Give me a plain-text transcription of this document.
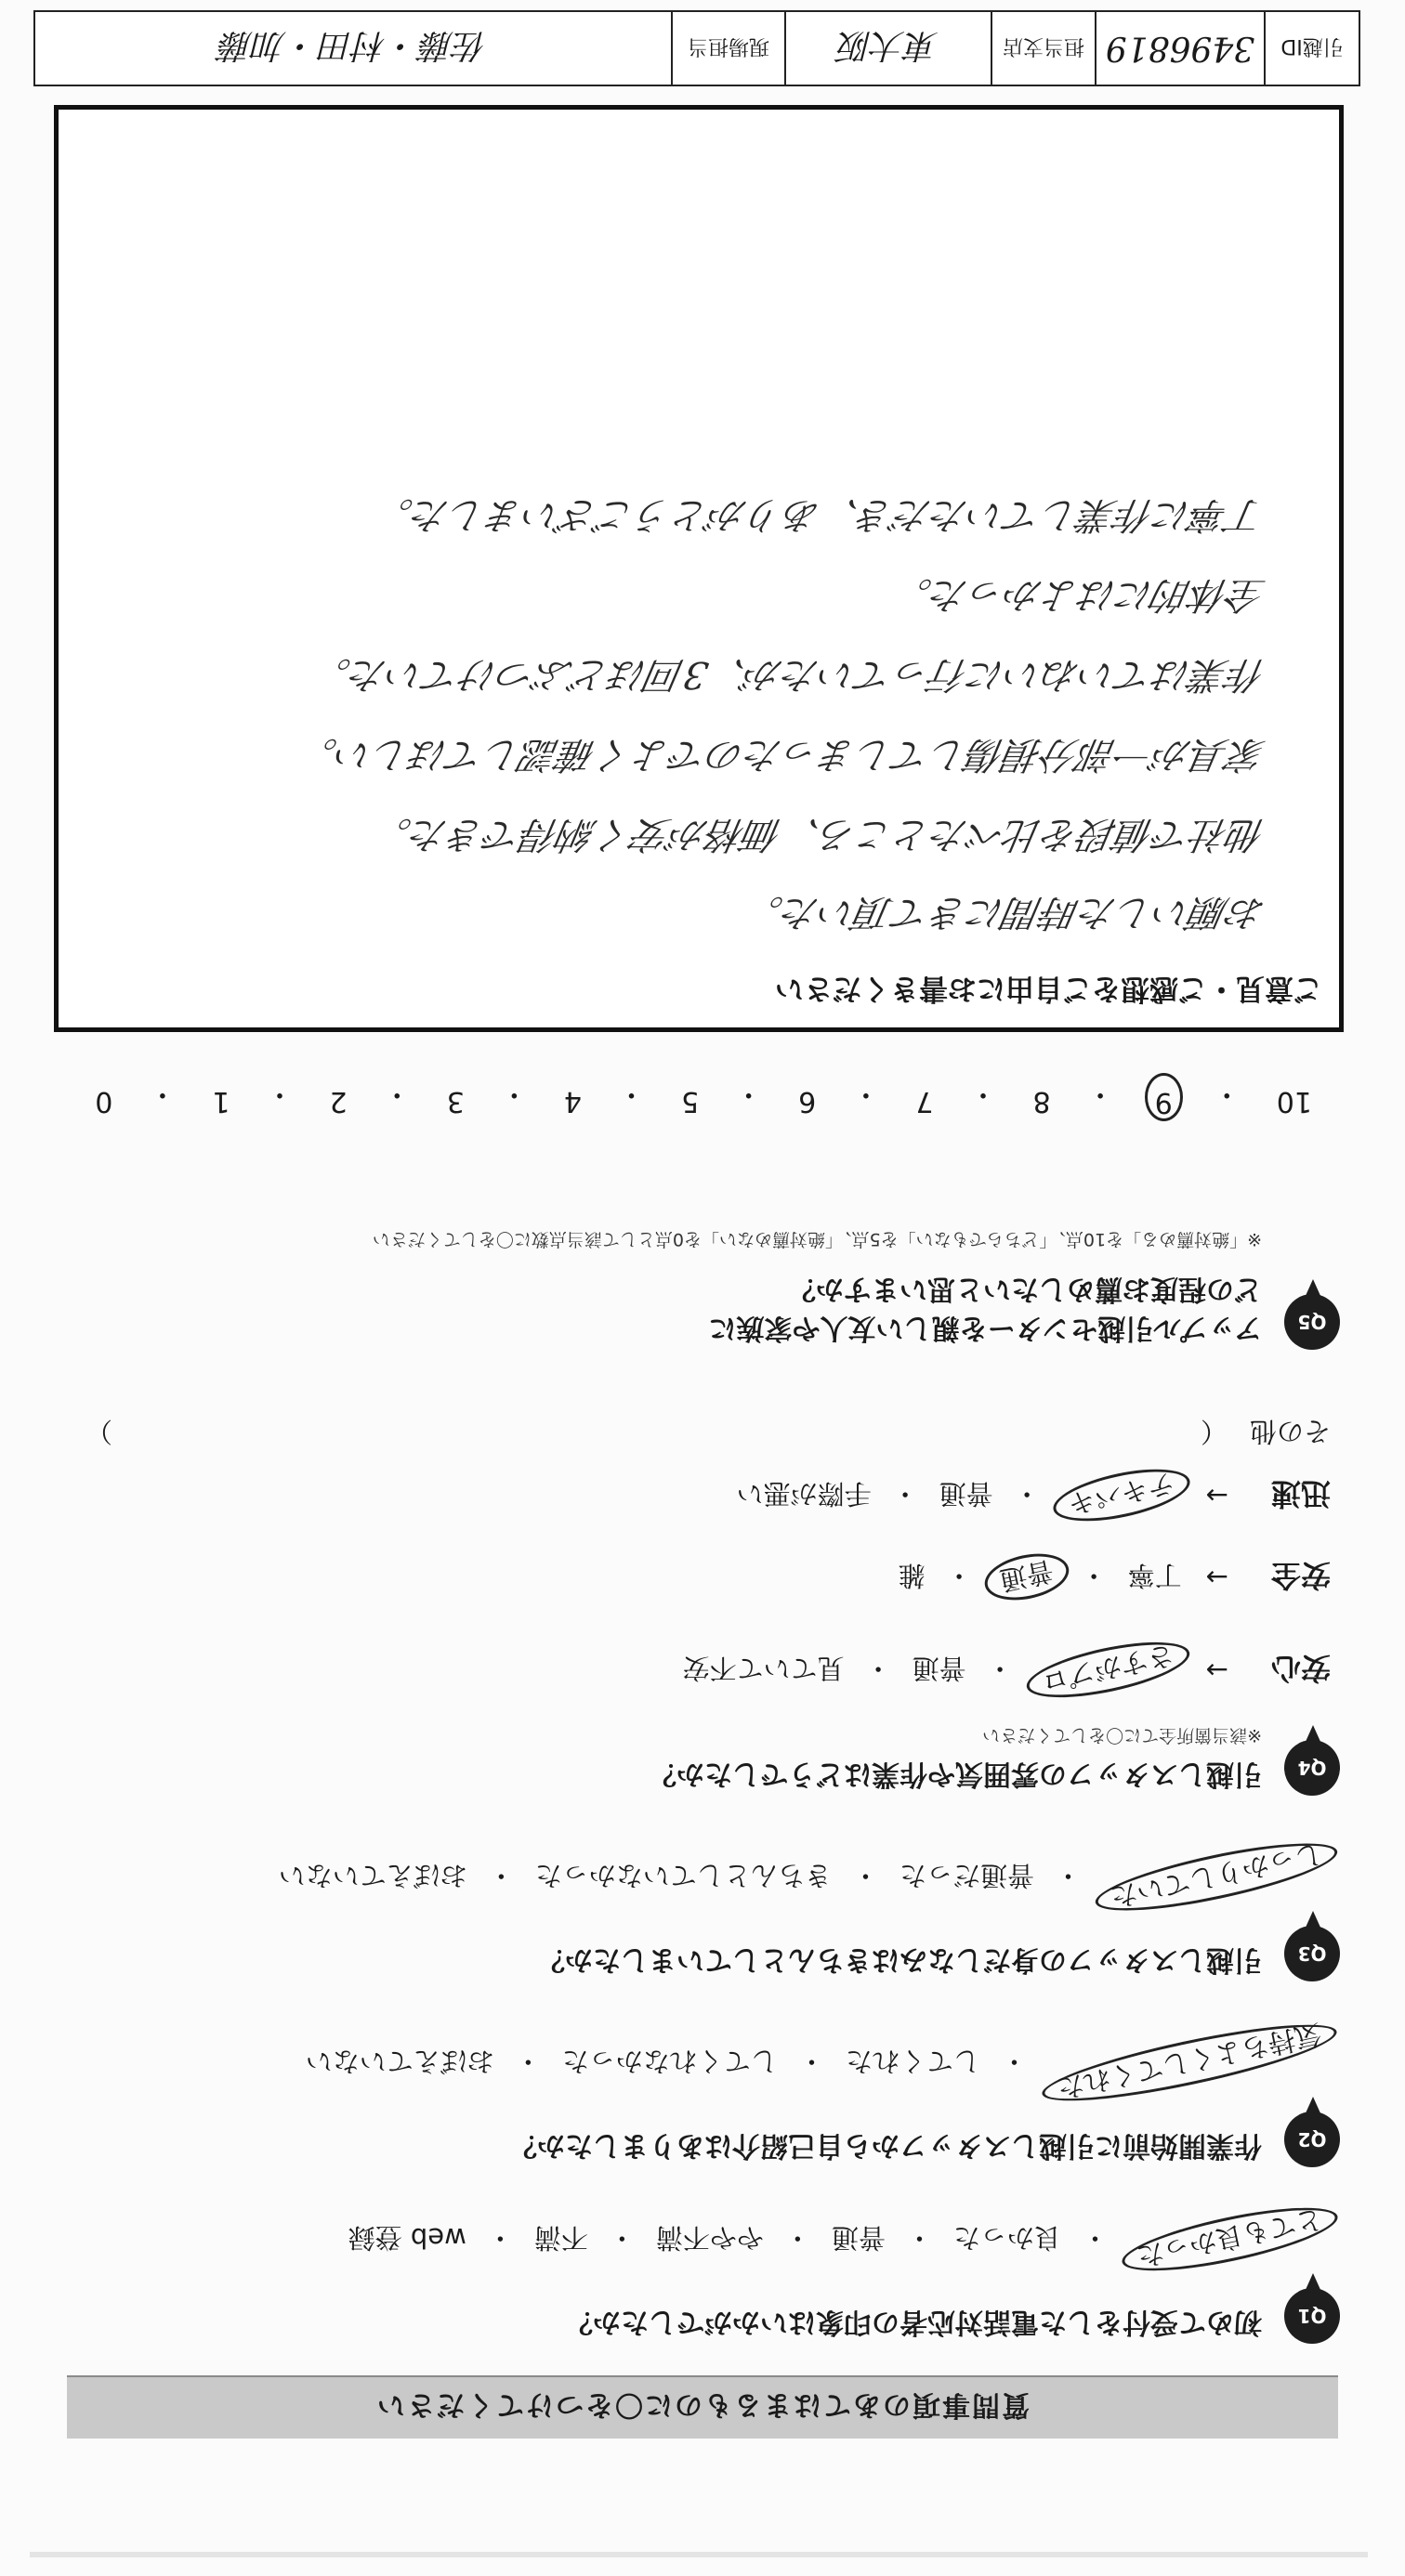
質問事項のあてはまるものに〇をつけてください
Q1
初めて受付をした電話対応者の印象はいかがでしたか？
とても良かった
・
良かった
・
普通
・
やや不満
・
不満
・
web 登録
Q2
作業開始前に引越しスタッフから自己紹介はありましたか？
気持ちよくしてくれた
・
してくれた
・
してくれなかった
・
おぼえていない
Q3
引越しスタッフの身だしなみはきちんとしていましたか？
しっかりしていた
・
普通だった
・
きちんとしていなかった
・
おぼえていない
Q4
引越しスタッフの雰囲気や作業はどうでしたか？
※該当箇所全てに〇をしてください
安心
→
さすがプロ
・
普通
・
見ていて不安
安全
→
丁寧
・
普通
・
雑
迅速
→
テキパキ
・
普通
・
手際が悪い
その他
（
）
Q5
アップル引越センターを親しい友人や家族に
どの程度お薦めしたいと思いますか？
※「絶対薦める」を10点、「どちらでもない」を5点、「絶対薦めない」を0点として該当点数に〇をしてください
10
・
9
・
8
・
7
・
6
・
5
・
4
・
3
・
2
・
1
・
0
ご意見・ご感想をご自由にお書きください
お願いした時間にきて頂いた。
他社で値段を比べたところ、価格が安く納得できた。
家具が一部分損傷してしまったのでよく確認してほしい。
作業はていねいに行っていたが、3回ほどぶつけていた。
全体的にはよかった。
丁寧に作業していただき、ありがとうございました。
引越ID
3496819
担当支店
東大阪
現場担当
佐藤・村田・加藤
